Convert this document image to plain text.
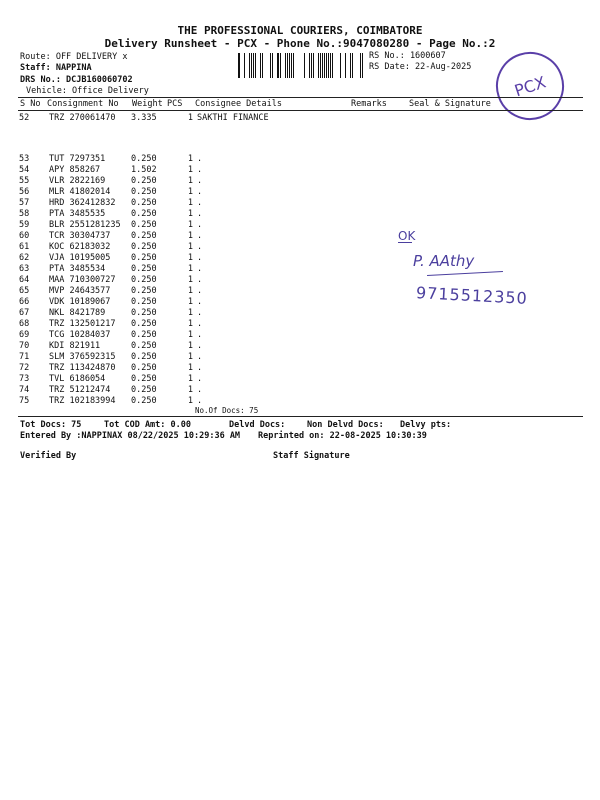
THE PROFESSIONAL COURIERS, COIMBATORE
Delivery Runsheet - PCX - Phone No.:9047080280 - Page No.:2
Route: OFF DELIVERY x
Staff: NAPPINA
DRS No.: DCJB160060702
Vehicle: Office Delivery
RS No.: 1600607
RS Date: 22-Aug-2025
PCX
S No Consignment No Weight PCS Consignee Details	Remarks	Seal & Signature
52	TRZ 270061470	3.335	1	SAKTHI FINANCE
53	TUT 7297351	0.250	1	.
54	APY 858267	1.502	1	.
55	VLR 2822169	0.250	1	.
56	MLR 41802014	0.250	1	.
57	HRD 362412832	0.250	1	.
58	PTA 3485535	0.250	1	.
59	BLR 2551281235	0.250	1	.
60	TCR 30304737	0.250	1	.
61	KOC 62183032	0.250	1	.
62	VJA 10195005	0.250	1	.
63	PTA 3485534	0.250	1	.
64	MAA 710300727	0.250	1	.
65	MVP 24643577	0.250	1	.
66	VDK 10189067	0.250	1	.
67	NKL 8421789	0.250	1	.
68	TRZ 132501217	0.250	1	.
69	TCG 10284037	0.250	1	.
70	KDI 821911	0.250	1	.
71	SLM 376592315	0.250	1	.
72	TRZ 113424870	0.250	1	.
73	TVL 6186054	0.250	1	.
74	TRZ 51212474	0.250	1	.
75	TRZ 102183994	0.250	1	.
No.Of Docs: 75
Tot Docs: 75	Tot COD Amt: 0.00	Delvd Docs:	Non Delvd Docs: Delvy pts:
Entered By :NAPPINAX 08/22/2025 10:29:36 AM Reprinted on: 22-08-2025 10:30:39
Verified By	Staff Signature
OK
P. AAthy
9715512350
